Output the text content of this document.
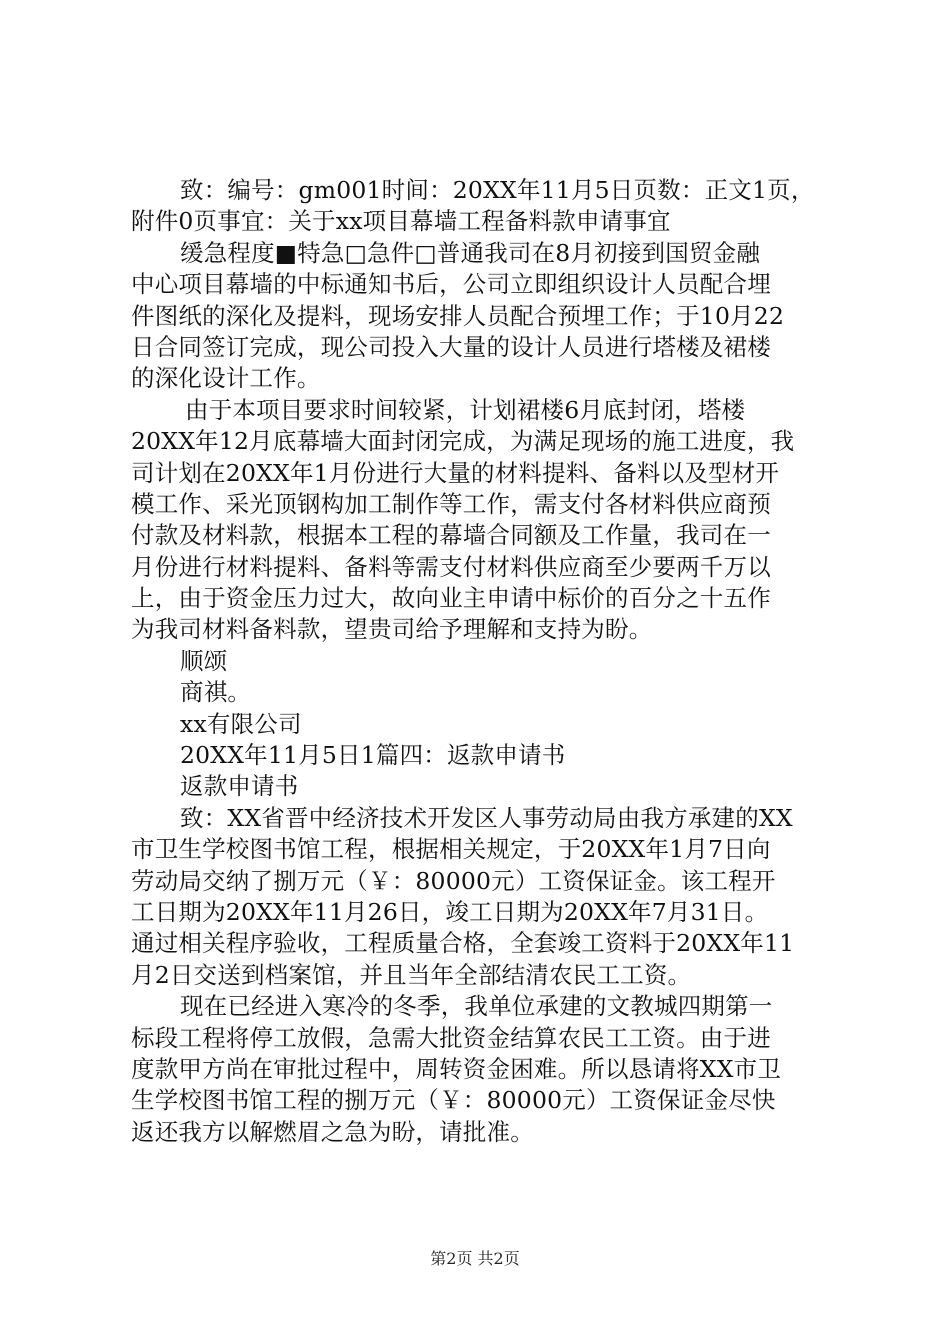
致：编号：gm001时间：20XX年11月5日页数：正文1页，
附件0页事宜：关于xx项目幕墙工程备料款申请事宜
缓急程度■特急□急件□普通我司在8月初接到国贸金融
中心项目幕墙的中标通知书后，公司立即组织设计人员配合埋
件图纸的深化及提料，现场安排人员配合预埋工作；于10月22
日合同签订完成，现公司投入大量的设计人员进行塔楼及裙楼
的深化设计工作。
由于本项目要求时间较紧，计划裙楼6月底封闭，塔楼
20XX年12月底幕墙大面封闭完成，为满足现场的施工进度，我
司计划在20XX年1月份进行大量的材料提料、备料以及型材开
模工作、采光顶钢构加工制作等工作，需支付各材料供应商预
付款及材料款，根据本工程的幕墙合同额及工作量，我司在一
月份进行材料提料、备料等需支付材料供应商至少要两千万以
上，由于资金压力过大，故向业主申请中标价的百分之十五作
为我司材料备料款，望贵司给予理解和支持为盼。
顺颂
商祺。
xx有限公司
20XX年11月5日1篇四：返款申请书
返款申请书
致：XX省晋中经济技术开发区人事劳动局由我方承建的XX
市卫生学校图书馆工程，根据相关规定，于20XX年1月7日向
劳动局交纳了捌万元（￥：80000元）工资保证金。该工程开
工日期为20XX年11月26日，竣工日期为20XX年7月31日。
通过相关程序验收，工程质量合格，全套竣工资料于20XX年11
月2日交送到档案馆，并且当年全部结清农民工工资。
现在已经进入寒冷的冬季，我单位承建的文教城四期第一
标段工程将停工放假，急需大批资金结算农民工工资。由于进
度款甲方尚在审批过程中，周转资金困难。所以恳请将XX市卫
生学校图书馆工程的捌万元（￥：80000元）工资保证金尽快
返还我方以解燃眉之急为盼，请批准。
第2页 共2页
